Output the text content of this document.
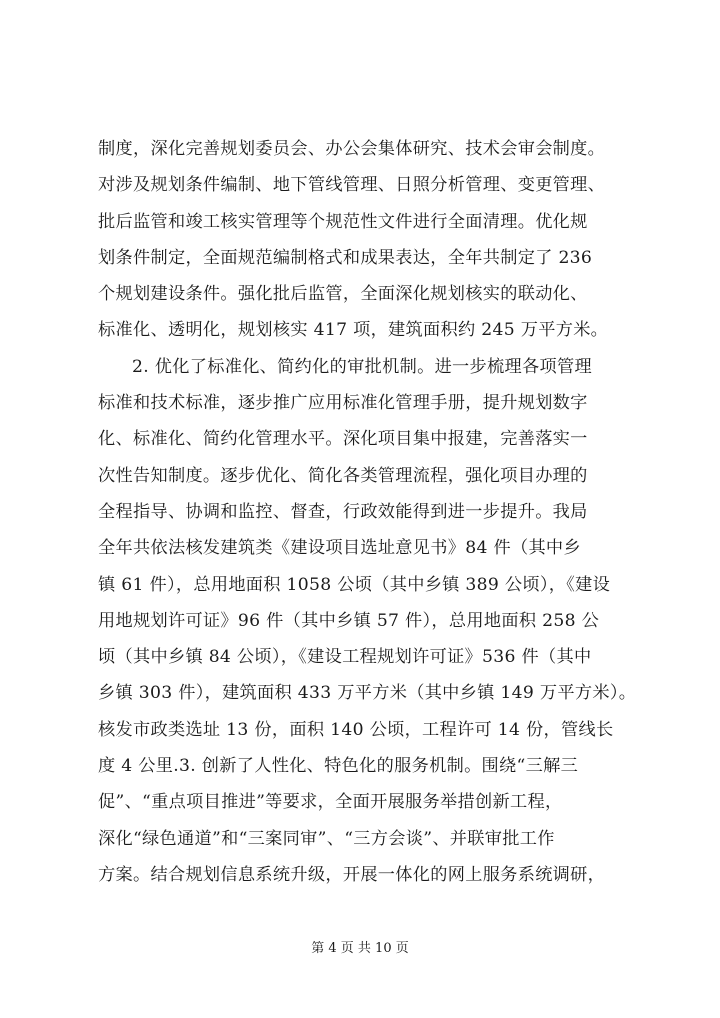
制度，深化完善规划委员会、办公会集体研究、技术会审会制度。
对涉及规划条件编制、地下管线管理、日照分析管理、变更管理、
批后监管和竣工核实管理等个规范性文件进行全面清理。优化规
划条件制定，全面规范编制格式和成果表达，全年共制定了 236
个规划建设条件。强化批后监管，全面深化规划核实的联动化、
标准化、透明化，规划核实 417 项，建筑面积约 245 万平方米。
2. 优化了标准化、简约化的审批机制。进一步梳理各项管理
标准和技术标准，逐步推广应用标准化管理手册，提升规划数字
化、标准化、简约化管理水平。深化项目集中报建，完善落实一
次性告知制度。逐步优化、简化各类管理流程，强化项目办理的
全程指导、协调和监控、督查，行政效能得到进一步提升。我局
全年共依法核发建筑类《建设项目选址意见书》84 件（其中乡
镇 61 件），总用地面积 1058 公顷（其中乡镇 389 公顷），《建设
用地规划许可证》96 件（其中乡镇 57 件），总用地面积 258 公
顷（其中乡镇 84 公顷），《建设工程规划许可证》536 件（其中
乡镇 303 件），建筑面积 433 万平方米（其中乡镇 149 万平方米）。
核发市政类选址 13 份，面积 140 公顷，工程许可 14 份，管线长
度 4 公里.3. 创新了人性化、特色化的服务机制。围绕“三解三
促”、“重点项目推进”等要求，全面开展服务举措创新工程，
深化“绿色通道”和“三案同审”、“三方会谈”、并联审批工作
方案。结合规划信息系统升级，开展一体化的网上服务系统调研，
第 4 页 共 10 页
